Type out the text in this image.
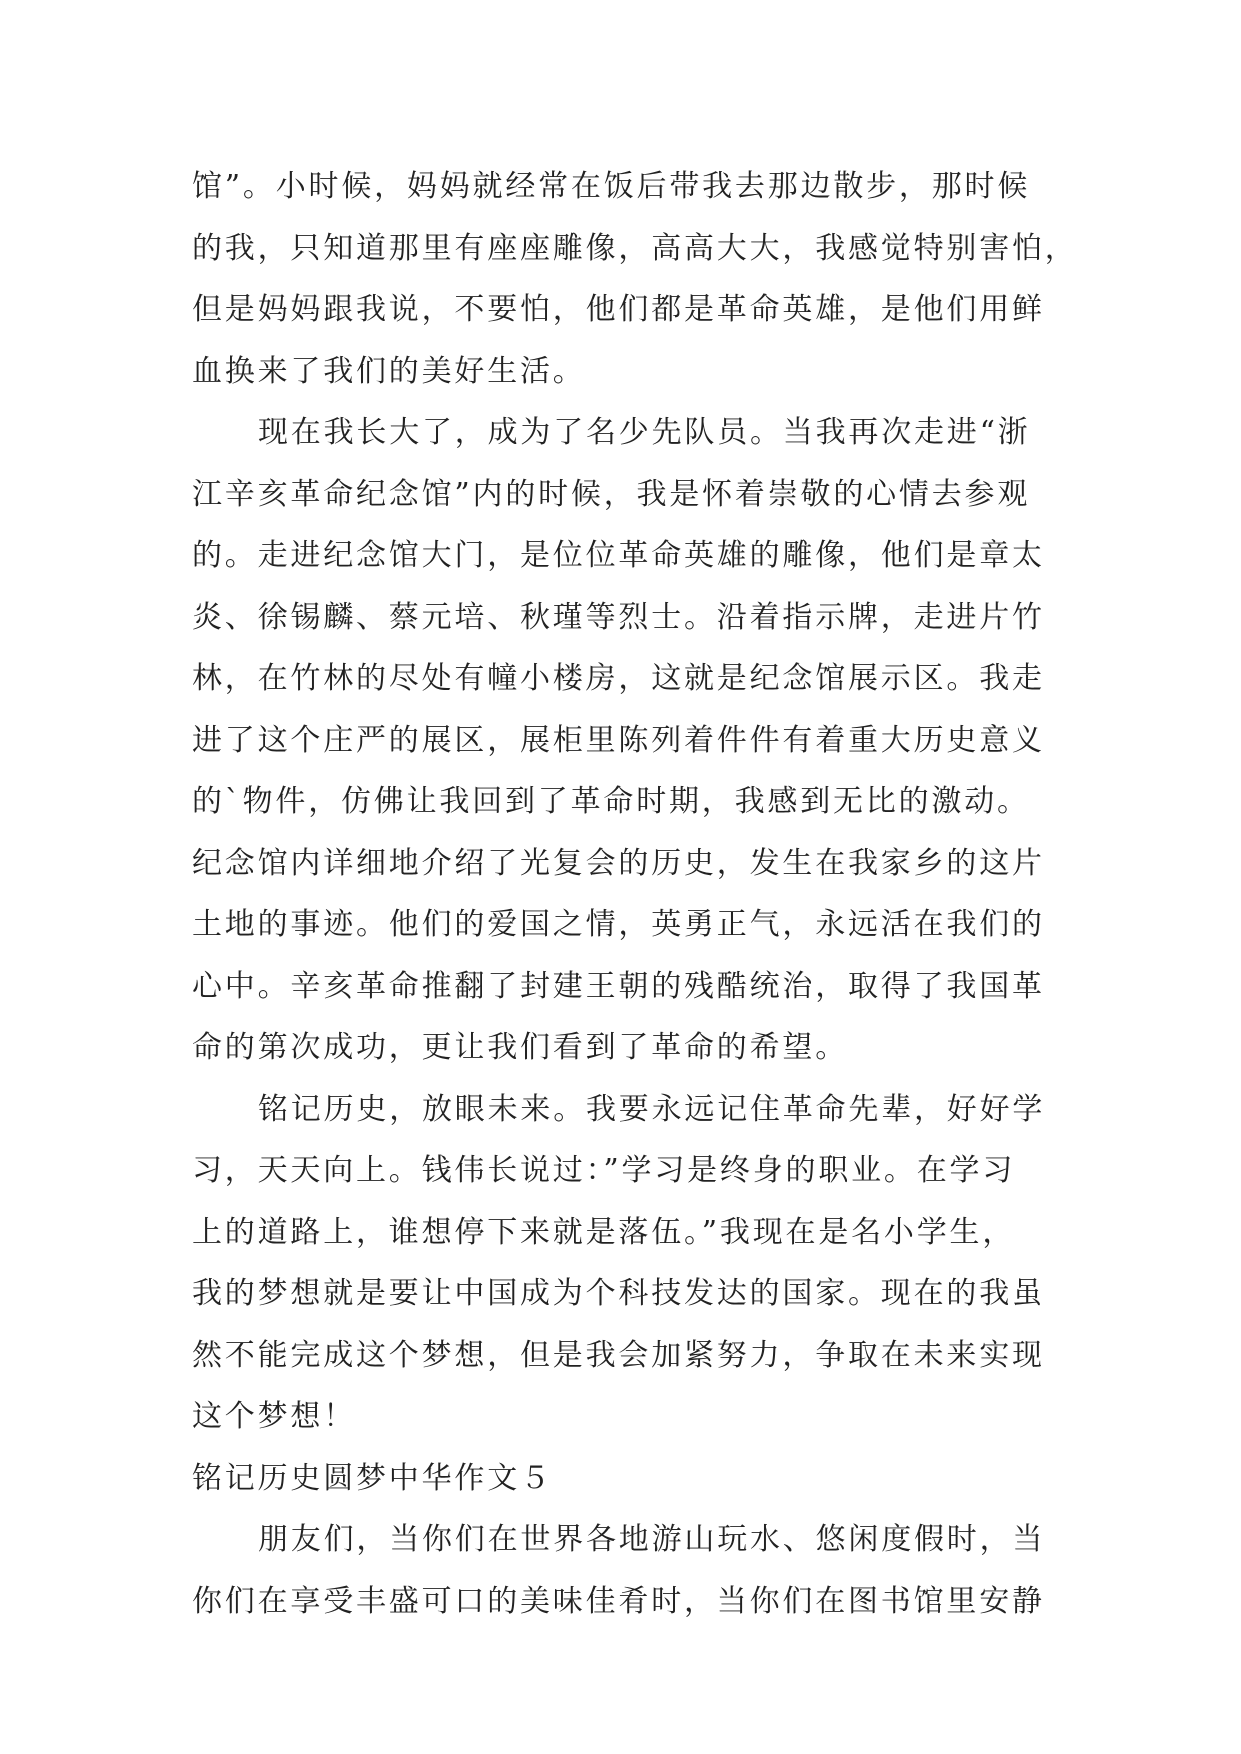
馆”。小时候，妈妈就经常在饭后带我去那边散步，那时候
的我，只知道那里有座座雕像，高高大大，我感觉特别害怕，
但是妈妈跟我说，不要怕，他们都是革命英雄，是他们用鲜
血换来了我们的美好生活。
现在我长大了，成为了名少先队员。当我再次走进“浙
江辛亥革命纪念馆”内的时候，我是怀着崇敬的心情去参观
的。走进纪念馆大门，是位位革命英雄的雕像，他们是章太
炎、徐锡麟、蔡元培、秋瑾等烈士。沿着指示牌，走进片竹
林，在竹林的尽处有幢小楼房，这就是纪念馆展示区。我走
进了这个庄严的展区，展柜里陈列着件件有着重大历史意义
的`物件，仿佛让我回到了革命时期，我感到无比的激动。
纪念馆内详细地介绍了光复会的历史，发生在我家乡的这片
土地的事迹。他们的爱国之情，英勇正气，永远活在我们的
心中。辛亥革命推翻了封建王朝的残酷统治，取得了我国革
命的第次成功，更让我们看到了革命的希望。
铭记历史，放眼未来。我要永远记住革命先辈，好好学
习，天天向上。钱伟长说过：”学习是终身的职业。在学习
上的道路上，谁想停下来就是落伍。”我现在是名小学生，
我的梦想就是要让中国成为个科技发达的国家。现在的我虽
然不能完成这个梦想，但是我会加紧努力，争取在未来实现
这个梦想！
铭记历史圆梦中华作文５
朋友们，当你们在世界各地游山玩水、悠闲度假时，当
你们在享受丰盛可口的美味佳肴时，当你们在图书馆里安静
